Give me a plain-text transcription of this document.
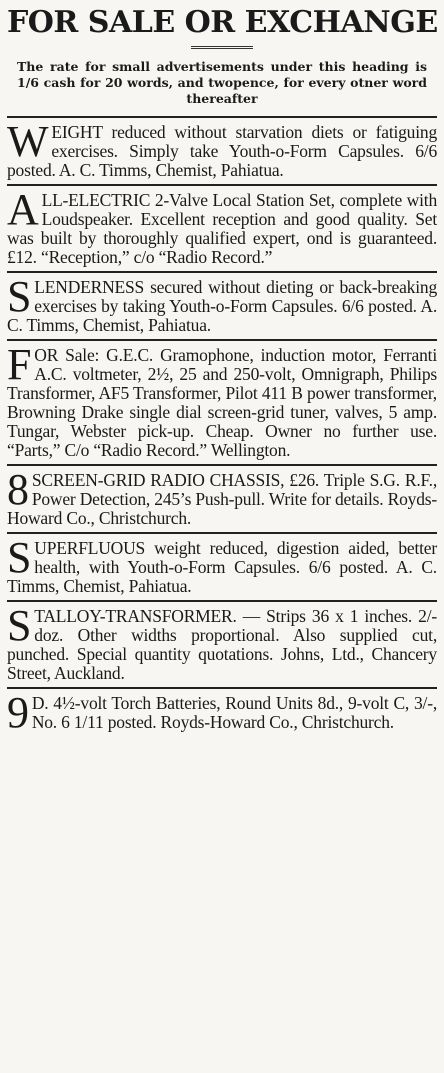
FOR SALE OR EXCHANGE

The rate for small advertisements under this heading is 1/6 cash for 20 words, and twopence, for every otner word thereafter

W EIGHT reduced without starvation diets or fatiguing exercises. Simply take Youth-o-Form Capsules. 6/6 posted. A. C. Timms, Chemist, Pahiatua.
A LL-ELECTRIC 2-Valve Local Station Set, complete with Loudspeaker. Excellent reception and good quality. Set was built by thoroughly qualified expert, ond is guaranteed. £12. “Reception,” c/o “Radio Record.”
S LENDERNESS secured without dieting or back-breaking exercises by taking Youth-o-Form Capsules. 6/6 posted. A. C. Timms, Chemist, Pahiatua.
F OR Sale: G.E.C. Gramophone, induction motor, Ferranti A.C. voltmeter, 2½, 25 and 250-volt, Omnigraph, Philips Transformer, AF5 Transformer, Pilot 411 B power transformer, Browning Drake single dial screen-grid tuner, valves, 5 amp. Tungar, Webster pick-up. Cheap. Owner no further use. “Parts,” C/o “Radio Record.” Wellington.
8 SCREEN-GRID RADIO CHASSIS, £26. Triple S.G. R.F., Power Detection, 245’s Push-pull. Write for details. Royds-Howard Co., Christchurch.
S UPERFLUOUS weight reduced, digestion aided, better health, with Youth-o-Form Capsules. 6/6 posted. A. C. Timms, Chemist, Pahiatua.
S TALLOY-TRANSFORMER. — Strips 36 x 1 inches. 2/- doz. Other widths proportional. Also supplied cut, punched. Special quantity quotations. Johns, Ltd., Chancery Street, Auckland.
9 D. 4½-volt Torch Batteries, Round Units 8d., 9-volt C, 3/-, No. 6 1/11 posted. Royds-Howard Co., Christchurch.
